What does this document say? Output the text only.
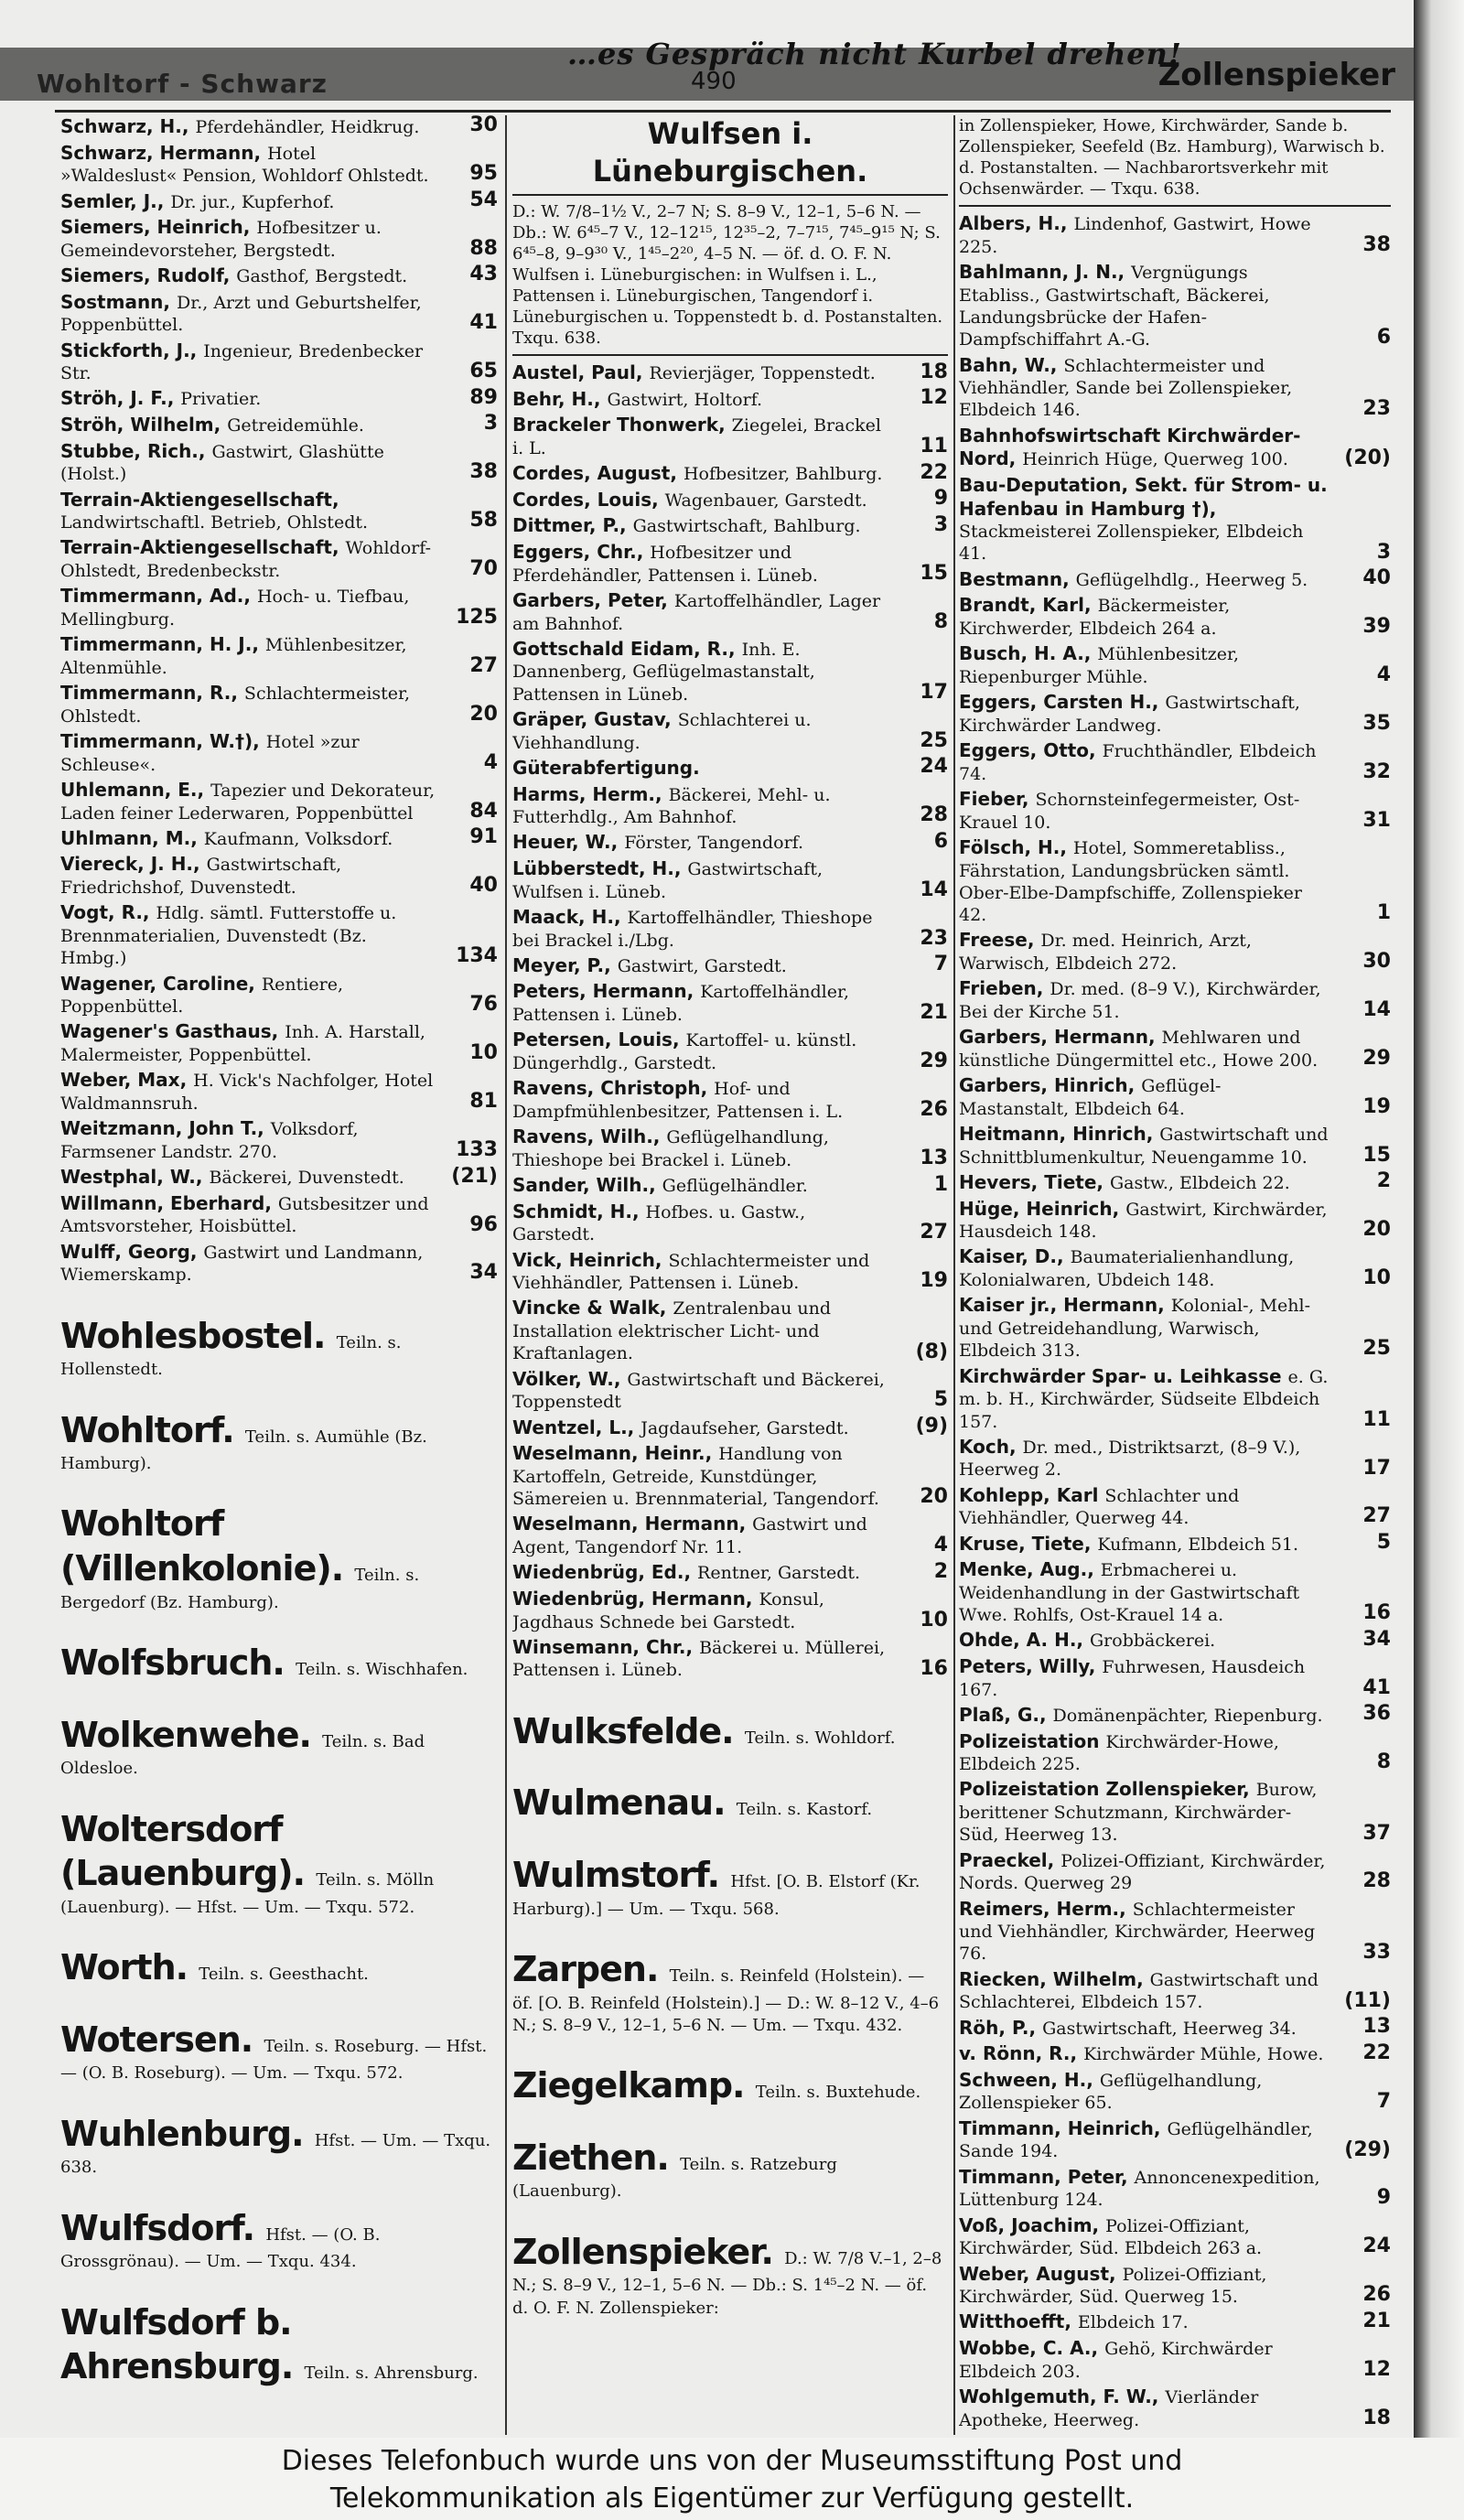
Wohltorf - Schwarz
…es Gespräch nicht Kurbel drehen!
490	Zollenspieker
Schwarz, H., Pferdehändler, Heidkrug. 30
Schwarz, Hermann, Hotel »Waldeslust« Pension, Wohldorf Ohlstedt. 95
Semler, J., Dr. jur., Kupferhof.	54
Siemers, Heinrich, Hofbesitzer u. Gemeindevorsteher, Bergstedt.	88
Siemers, Rudolf, Gasthof, Bergstedt.	43
Sostmann, Dr., Arzt und Geburtshelfer, Poppenbüttel.	41
Stickforth, J., Ingenieur, Bredenbecker Str.	65
Ströh, J. F., Privatier.	89
Ströh, Wilhelm, Getreidemühle.	3
Stubbe, Rich., Gastwirt, Glashütte (Holst.)	38
Terrain-Aktiengesellschaft, Landwirtschaftl. Betrieb, Ohlstedt.	58
Terrain-Aktiengesellschaft, Wohldorf-Ohlstedt, Bredenbeckstr.	70
Timmermann, Ad., Hoch- u. Tiefbau, Mellingburg.	125
Timmermann, H. J., Mühlenbesitzer, Altenmühle.	27
Timmermann, R., Schlachtermeister, Ohlstedt.	20
Timmermann, W.†), Hotel »zur Schleuse«.	4
Uhlemann, E., Tapezier und Dekorateur, Laden feiner Lederwaren, Poppenbüttel	84
Uhlmann, M., Kaufmann, Volksdorf.	91
Viereck, J. H., Gastwirtschaft, Friedrichshof, Duvenstedt.	40
Vogt, R., Hdlg. sämtl. Futterstoffe u. Brennmaterialien, Duvenstedt (Bz. Hmbg.)	134
Wagener, Caroline, Rentiere, Poppenbüttel.	76
Wagener's Gasthaus, Inh. A. Harstall, Malermeister, Poppenbüttel.	10
Weber, Max, H. Vick's Nachfolger, Hotel Waldmannsruh.	81
Weitzmann, John T., Volksdorf, Farmsener Landstr. 270.	133
Westphal, W., Bäckerei, Duvenstedt. (21)
Willmann, Eberhard, Gutsbesitzer und Amtsvorsteher, Hoisbüttel.	96
Wulff, Georg, Gastwirt und Landmann, Wiemerskamp.	34
Wohlesbostel. Teiln. s. Hollenstedt.
Wohltorf. Teiln. s. Aumühle (Bz. Hamburg).
Wohltorf (Villenkolonie). Teiln. s. Bergedorf (Bz. Hamburg).
Wolfsbruch. Teiln. s. Wischhafen.
Wolkenwehe. Teiln. s. Bad Oldesloe.
Woltersdorf (Lauenburg). Teiln. s. Mölln (Lauenburg). — Hfst. — Um. — Txqu. 572.
Worth. Teiln. s. Geesthacht.
Wotersen. Teiln. s. Roseburg. — Hfst. — (O. B. Roseburg). — Um. — Txqu. 572.
Wuhlenburg. Hfst. — Um. — Txqu. 638.
Wulfsdorf. Hfst. — (O. B. Grossgrönau). — Um. — Txqu. 434.
Wulfsdorf b. Ahrensburg. Teiln. s. Ahrensburg.
Wulfsen i. Lüneburgischen.
D.: W. 7/8–1½ V., 2–7 N; S. 8–9 V., 12–1, 5–6 N. — Db.: W. 6⁴⁵–7 V., 12–12¹⁵, 12³⁵–2, 7–7¹⁵, 7⁴⁵–9¹⁵ N; S. 6⁴⁵–8, 9–9³⁰ V., 1⁴⁵–2²⁰, 4–5 N. — öf. d. O. F. N. Wulfsen i. Lüneburgischen: in Wulfsen i. L., Pattensen i. Lüneburgischen, Tangendorf i. Lüneburgischen u. Toppenstedt b. d. Postanstalten. Txqu. 638.
Austel, Paul, Revierjäger, Toppenstedt. 18
Behr, H., Gastwirt, Holtorf.	12
Brackeler Thonwerk, Ziegelei, Brackel i. L.	11
Cordes, August, Hofbesitzer, Bahlburg. 22
Cordes, Louis, Wagenbauer, Garstedt.	9
Dittmer, P., Gastwirtschaft, Bahlburg.	3
Eggers, Chr., Hofbesitzer und Pferdehändler, Pattensen i. Lüneb.	15
Garbers, Peter, Kartoffelhändler, Lager am Bahnhof.	8
Gottschald Eidam, R., Inh. E. Dannenberg, Geflügelmastanstalt, Pattensen in Lüneb.	17
Gräper, Gustav, Schlachterei u. Viehhandlung.	25
Güterabfertigung.	24
Harms, Herm., Bäckerei, Mehl- u. Futterhdlg., Am Bahnhof.	28
Heuer, W., Förster, Tangendorf.	6
Lübberstedt, H., Gastwirtschaft, Wulfsen i. Lüneb.	14
Maack, H., Kartoffelhändler, Thieshope bei Brackel i./Lbg.	23
Meyer, P., Gastwirt, Garstedt.	7
Peters, Hermann, Kartoffelhändler, Pattensen i. Lüneb.	21
Petersen, Louis, Kartoffel- u. künstl. Düngerhdlg., Garstedt.	29
Ravens, Christoph, Hof- und Dampfmühlenbesitzer, Pattensen i. L.	26
Ravens, Wilh., Geflügelhandlung, Thieshope bei Brackel i. Lüneb.	13
Sander, Wilh., Geflügelhändler.	1
Schmidt, H., Hofbes. u. Gastw., Garstedt.	27
Vick, Heinrich, Schlachtermeister und Viehhändler, Pattensen i. Lüneb.	19
Vincke & Walk, Zentralenbau und Installation elektrischer Licht- und Kraftanlagen.	(8)
Völker, W., Gastwirtschaft und Bäckerei, Toppenstedt	5
Wentzel, L., Jagdaufseher, Garstedt.	(9)
Weselmann, Heinr., Handlung von Kartoffeln, Getreide, Kunstdünger, Sämereien u. Brennmaterial, Tangendorf. 20
Weselmann, Hermann, Gastwirt und Agent, Tangendorf Nr. 11.	4
Wiedenbrüg, Ed., Rentner, Garstedt.	2
Wiedenbrüg, Hermann, Konsul, Jagdhaus Schnede bei Garstedt.	10
Winsemann, Chr., Bäckerei u. Müllerei, Pattensen i. Lüneb.	16
Wulksfelde. Teiln. s. Wohldorf.
Wulmenau. Teiln. s. Kastorf.
Wulmstorf. Hfst. [O. B. Elstorf (Kr. Harburg).] — Um. — Txqu. 568.
Zarpen. Teiln. s. Reinfeld (Holstein). — öf. [O. B. Reinfeld (Holstein).] — D.: W. 8–12 V., 4–6 N.; S. 8–9 V., 12–1, 5–6 N. — Um. — Txqu. 432.
Ziegelkamp. Teiln. s. Buxtehude.
Ziethen. Teiln. s. Ratzeburg (Lauenburg).
Zollenspieker. D.: W. 7/8 V.–1, 2–8 N.; S. 8–9 V., 12–1, 5–6 N. — Db.: S. 1⁴⁵–2 N. — öf. d. O. F. N. Zollenspieker:
in Zollenspieker, Howe, Kirchwärder, Sande b. Zollenspieker, Seefeld (Bz. Hamburg), Warwisch b. d. Postanstalten. — Nachbarortsverkehr mit Ochsenwärder. — Txqu. 638.
Albers, H., Lindenhof, Gastwirt, Howe 225.	38
Bahlmann, J. N., Vergnügungs Etabliss., Gastwirtschaft, Bäckerei, Landungsbrücke der Hafen-Dampfschiffahrt A.-G.	6
Bahn, W., Schlachtermeister und Viehhändler, Sande bei Zollenspieker, Elbdeich 146.	23
Bahnhofswirtschaft Kirchwärder-Nord, Heinrich Hüge, Querweg 100.	(20)
Bau-Deputation, Sekt. für Strom- u. Hafenbau in Hamburg †), Stackmeisterei Zollenspieker, Elbdeich 41.	3
Bestmann, Geflügelhdlg., Heerweg 5.	40
Brandt, Karl, Bäckermeister, Kirchwerder, Elbdeich 264 a.	39
Busch, H. A., Mühlenbesitzer, Riepenburger Mühle.	4
Eggers, Carsten H., Gastwirtschaft, Kirchwärder Landweg.	35
Eggers, Otto, Fruchthändler, Elbdeich 74.	32
Fieber, Schornsteinfegermeister, Ost-Krauel 10.	31
Fölsch, H., Hotel, Sommeretabliss., Fährstation, Landungsbrücken sämtl. Ober-Elbe-Dampfschiffe, Zollenspieker 42.	1
Freese, Dr. med. Heinrich, Arzt, Warwisch, Elbdeich 272.	30
Frieben, Dr. med. (8–9 V.), Kirchwärder, Bei der Kirche 51.	14
Garbers, Hermann, Mehlwaren und künstliche Düngermittel etc., Howe 200. 29
Garbers, Hinrich, Geflügel-Mastanstalt, Elbdeich 64.	19
Heitmann, Hinrich, Gastwirtschaft und Schnittblumenkultur, Neuengamme 10.	15
Hevers, Tiete, Gastw., Elbdeich 22.	2
Hüge, Heinrich, Gastwirt, Kirchwärder, Hausdeich 148.	20
Kaiser, D., Baumaterialienhandlung, Kolonialwaren, Ubdeich 148.	10
Kaiser jr., Hermann, Kolonial-, Mehl- und Getreidehandlung, Warwisch, Elbdeich 313.	25
Kirchwärder Spar- u. Leihkasse e. G. m. b. H., Kirchwärder, Südseite Elbdeich 157.	11
Koch, Dr. med., Distriktsarzt, (8–9 V.), Heerweg 2.	17
Kohlepp, Karl Schlachter und Viehhändler, Querweg 44.	27
Kruse, Tiete, Kufmann, Elbdeich 51.	5
Menke, Aug., Erbmacherei u. Weidenhandlung in der Gastwirtschaft Wwe. Rohlfs, Ost-Krauel 14 a.	16
Ohde, A. H., Grobbäckerei.	34
Peters, Willy, Fuhrwesen, Hausdeich 167.	41
Plaß, G., Domänenpächter, Riepenburg. 36
Polizeistation Kirchwärder-Howe, Elbdeich 225.	8
Polizeistation Zollenspieker, Burow, berittener Schutzmann, Kirchwärder-Süd, Heerweg 13.	37
Praeckel, Polizei-Offiziant, Kirchwärder, Nords. Querweg 29	28
Reimers, Herm., Schlachtermeister und Viehhändler, Kirchwärder, Heerweg 76.	33
Riecken, Wilhelm, Gastwirtschaft und Schlachterei, Elbdeich 157.	(11)
Röh, P., Gastwirtschaft, Heerweg 34.	13
v. Rönn, R., Kirchwärder Mühle, Howe. 22
Schween, H., Geflügelhandlung, Zollenspieker 65.	7
Timmann, Heinrich, Geflügelhändler, Sande 194.	(29)
Timmann, Peter, Annoncenexpedition, Lüttenburg 124.	9
Voß, Joachim, Polizei-Offiziant, Kirchwärder, Süd. Elbdeich 263 a.	24
Weber, August, Polizei-Offiziant, Kirchwärder, Süd. Querweg 15.	26
Witthoefft, Elbdeich 17.	21
Wobbe, C. A., Gehö, Kirchwärder Elbdeich 203.	12
Wohlgemuth, F. W., Vierländer Apotheke, Heerweg.	18
Dieses Telefonbuch wurde uns von der Museumsstiftung Post und
Telekommunikation als Eigentümer zur Verfügung gestellt.
